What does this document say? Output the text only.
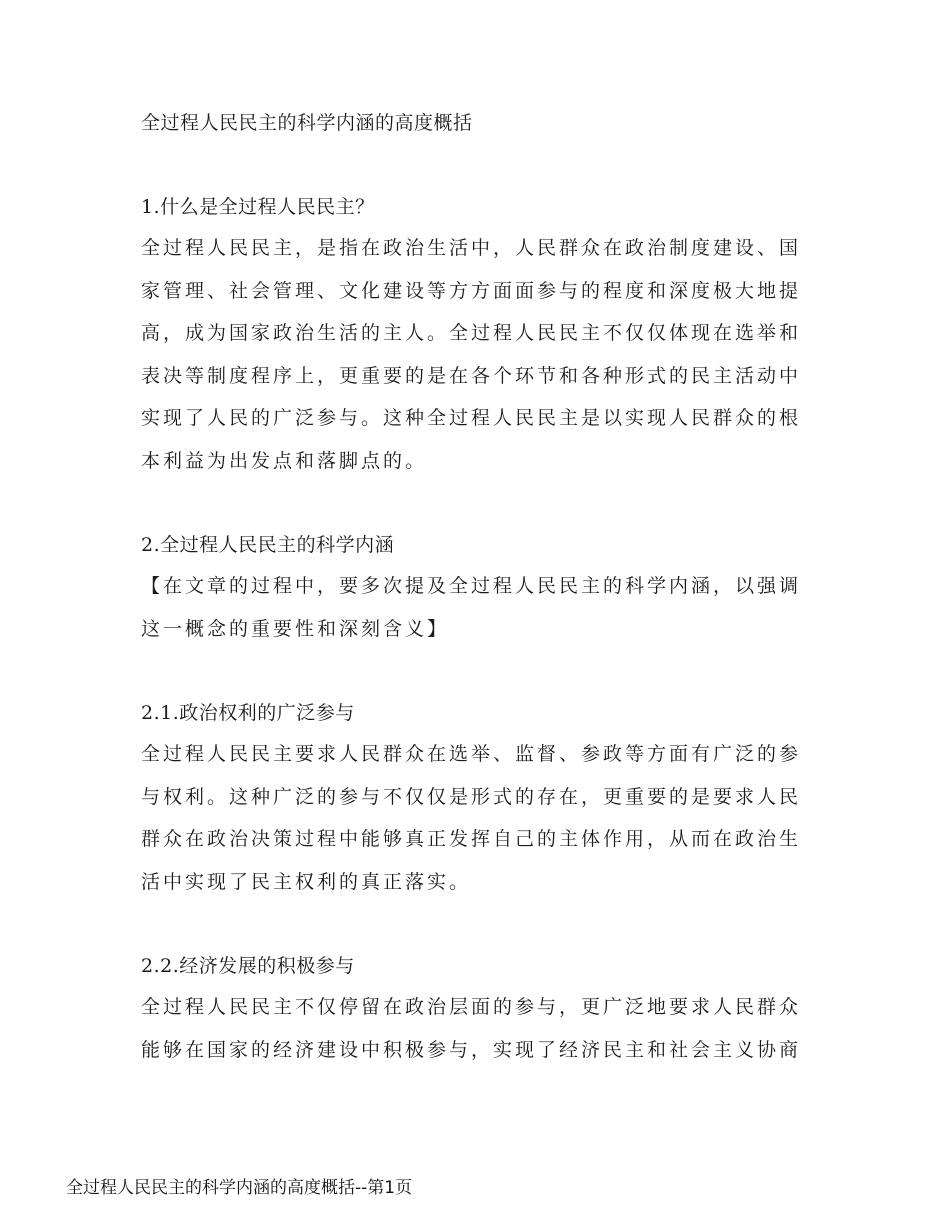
全过程人民民主的科学内涵的高度概括
1.什么是全过程人民民主？

全过程人民民主，是指在政治生活中，人民群众在政治制度建设、国家管理、社会管理、文化建设等方方面面参与的程度和深度极大地提高，成为国家政治生活的主人。全过程人民民主不仅仅体现在选举和表决等制度程序上，更重要的是在各个环节和各种形式的民主活动中实现了人民的广泛参与。这种全过程人民民主是以实现人民群众的根本利益为出发点和落脚点的。

2.全过程人民民主的科学内涵

【在文章的过程中，要多次提及全过程人民民主的科学内涵，以强调这一概念的重要性和深刻含义】

2.1.政治权利的广泛参与

全过程人民民主要求人民群众在选举、监督、参政等方面有广泛的参与权利。这种广泛的参与不仅仅是形式的存在，更重要的是要求人民群众在政治决策过程中能够真正发挥自己的主体作用，从而在政治生活中实现了民主权利的真正落实。

2.2.经济发展的积极参与

全过程人民民主不仅停留在政治层面的参与，更广泛地要求人民群众能够在国家的经济建设中积极参与，实现了经济民主和社会主义协商

全过程人民民主的科学内涵的高度概括--第1页
